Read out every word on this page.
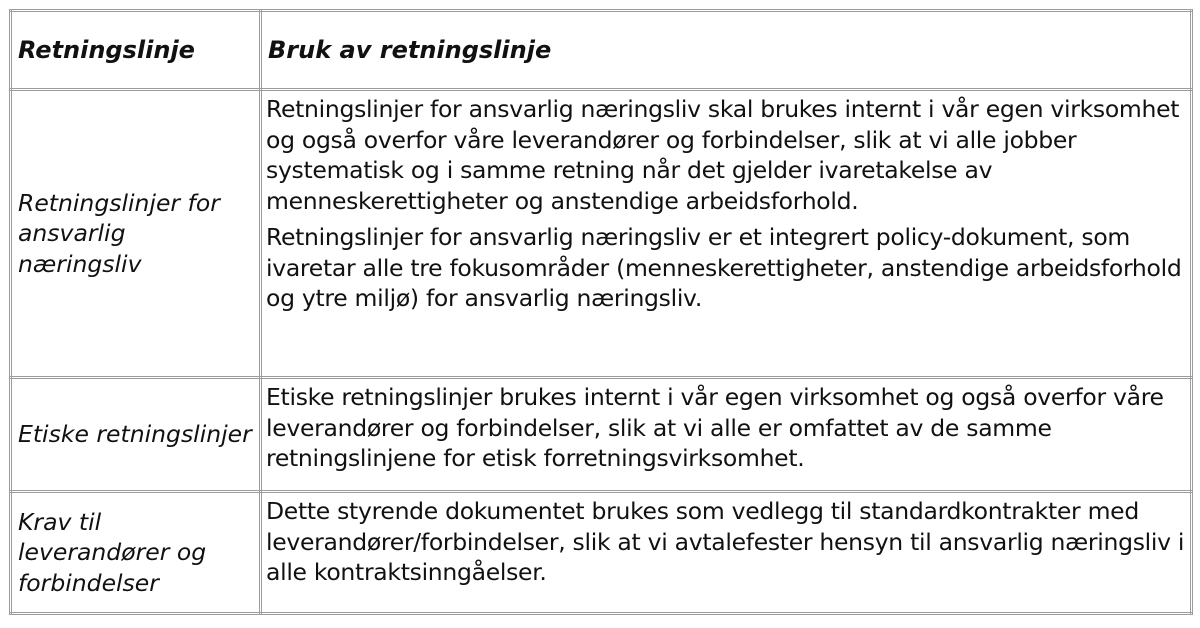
Retningslinje	Bruk av retningslinje
Retningslinjer for ansvarlig næringsliv	Retningslinjer for ansvarlig næringsliv skal brukes internt i vår egen virksomhet og også overfor våre leverandører og forbindelser, slik at vi alle jobber systematisk og i samme retning når det gjelder ivaretakelse av menneskerettigheter og anstendige arbeidsforhold.

Retningslinjer for ansvarlig næringsliv er et integrert policy-dokument, som ivaretar alle tre fokusområder (menneskerettigheter, anstendige arbeidsforhold og ytre miljø) for ansvarlig næringsliv.

Etiske retningslinjer	Etiske retningslinjer brukes internt i vår egen virksomhet og også overfor våre leverandører og forbindelser, slik at vi alle er omfattet av de samme retningslinjene for etisk forretningsvirksomhet.

Krav til leverandører og forbindelser	Dette styrende dokumentet brukes som vedlegg til standardkontrakter med leverandører/forbindelser, slik at vi avtalefester hensyn til ansvarlig næringsliv i alle kontraktsinngåelser.
